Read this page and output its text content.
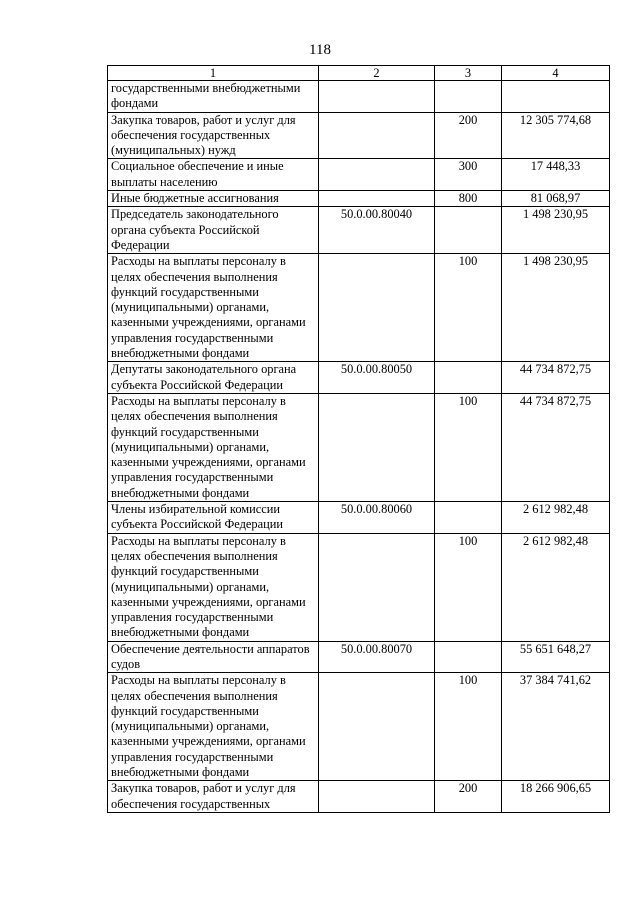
118
1	2	3	4
государственными внебюджетными фондами			
Закупка товаров, работ и услуг для обеспечения государственных (муниципальных) нужд		200	12 305 774,68
Социальное обеспечение и иные выплаты населению		300	17 448,33
Иные бюджетные ассигнования		800	81 068,97
Председатель законодательного органа субъекта Российской Федерации	50.0.00.80040		1 498 230,95
Расходы на выплаты персоналу в целях обеспечения выполнения функций государственными (муниципальными) органами, казенными учреждениями, органами управления государственными внебюджетными фондами		100	1 498 230,95
Депутаты законодательного органа субъекта Российской Федерации	50.0.00.80050		44 734 872,75
Расходы на выплаты персоналу в целях обеспечения выполнения функций государственными (муниципальными) органами, казенными учреждениями, органами управления государственными внебюджетными фондами		100	44 734 872,75
Члены избирательной комиссии субъекта Российской Федерации	50.0.00.80060		2 612 982,48
Расходы на выплаты персоналу в целях обеспечения выполнения функций государственными (муниципальными) органами, казенными учреждениями, органами управления государственными внебюджетными фондами		100	2 612 982,48
Обеспечение деятельности аппаратов судов	50.0.00.80070		55 651 648,27
Расходы на выплаты персоналу в целях обеспечения выполнения функций государственными (муниципальными) органами, казенными учреждениями, органами управления государственными внебюджетными фондами		100	37 384 741,62
Закупка товаров, работ и услуг для обеспечения государственных		200	18 266 906,65
